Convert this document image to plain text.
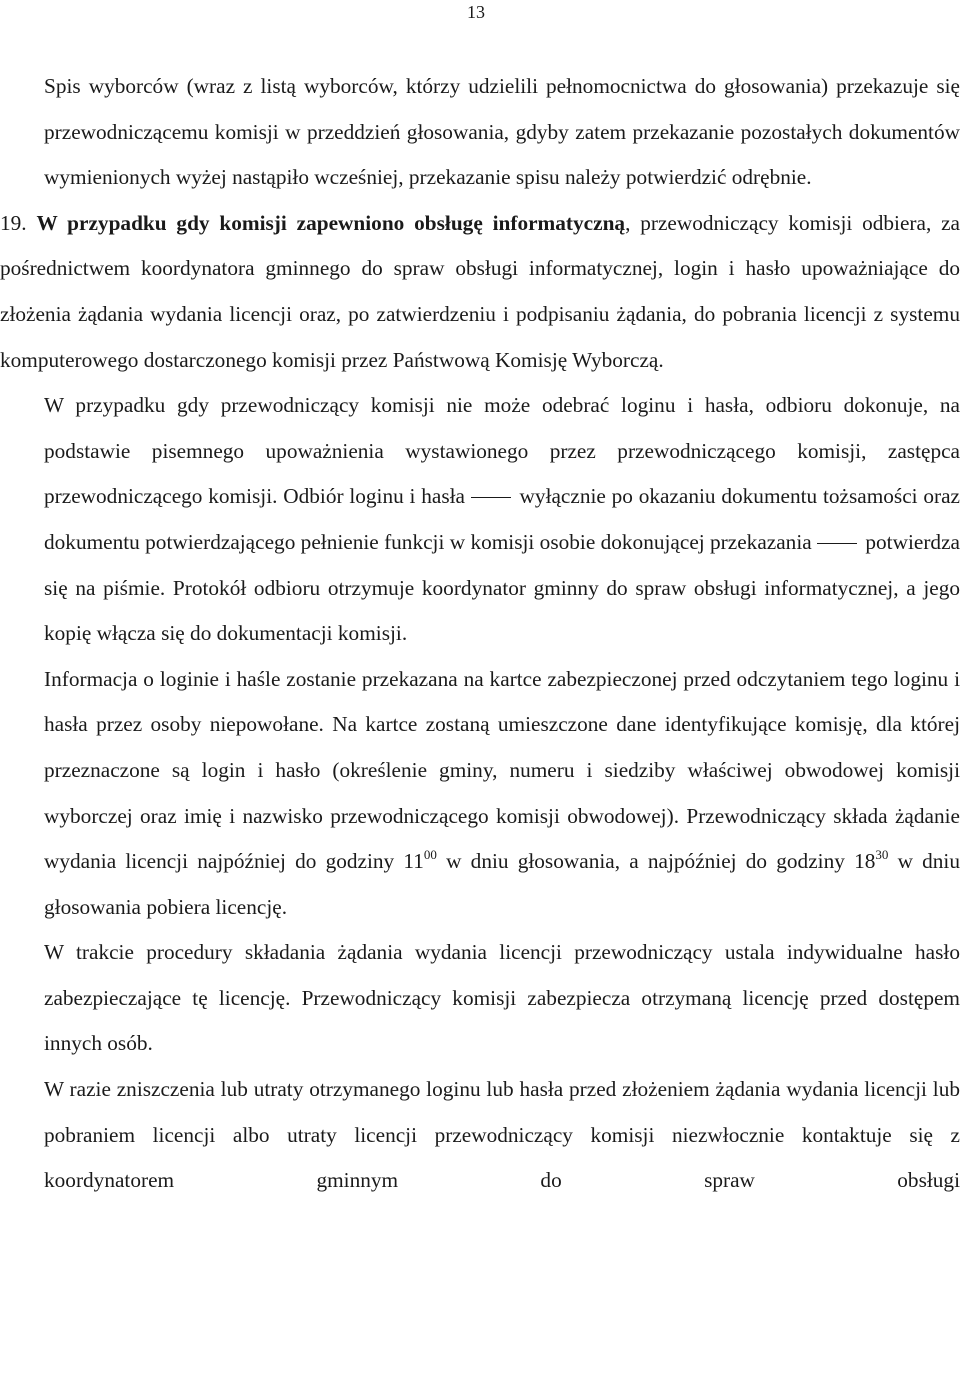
13

Spis wyborców (wraz z listą wyborców, którzy udzielili pełnomocnictwa do głosowania) przekazuje się przewodniczącemu komisji w przeddzień głosowania, gdyby zatem przekazanie pozostałych dokumentów wymienionych wyżej nastąpiło wcześniej, przekazanie spisu należy potwierdzić odrębnie.

19. W przypadku gdy komisji zapewniono obsługę informatyczną, przewodniczący komisji odbiera, za pośrednictwem koordynatora gminnego do spraw obsługi informatycznej, login i hasło upoważniające do złożenia żądania wydania licencji oraz, po zatwierdzeniu i podpisaniu żądania, do pobrania licencji z systemu komputerowego dostarczonego komisji przez Państwową Komisję Wyborczą.

W przypadku gdy przewodniczący komisji nie może odebrać loginu i hasła, odbioru dokonuje, na podstawie pisemnego upoważnienia wystawionego przez przewodniczącego komisji, zastępca przewodniczącego komisji. Odbiór loginu i hasła  wyłącznie po okazaniu dokumentu tożsamości oraz dokumentu potwierdzającego pełnienie funkcji w komisji osobie dokonującej przekazania  potwierdza się na piśmie. Protokół odbioru otrzymuje koordynator gminny do spraw obsługi informatycznej, a jego kopię włącza się do dokumentacji komisji.

Informacja o loginie i haśle zostanie przekazana na kartce zabezpieczonej przed odczytaniem tego loginu i hasła przez osoby niepowołane. Na kartce zostaną umieszczone dane identyfikujące komisję, dla której przeznaczone są login i hasło (określenie gminy, numeru i siedziby właściwej obwodowej komisji wyborczej oraz imię i nazwisko przewodniczącego komisji obwodowej). Przewodniczący składa żądanie wydania licencji najpóźniej do godziny $11^{00}$ w dniu głosowania, a najpóźniej do godziny $18^{30}$ w dniu głosowania pobiera licencję.

W trakcie procedury składania żądania wydania licencji przewodniczący ustala indywidualne hasło zabezpieczające tę licencję. Przewodniczący komisji zabezpiecza otrzymaną licencję przed dostępem innych osób.

W razie zniszczenia lub utraty otrzymanego loginu lub hasła przed złożeniem żądania wydania licencji lub pobraniem licencji albo utraty licencji przewodniczący komisji niezwłocznie kontaktuje się z koordynatorem gminnym do spraw obsługi
